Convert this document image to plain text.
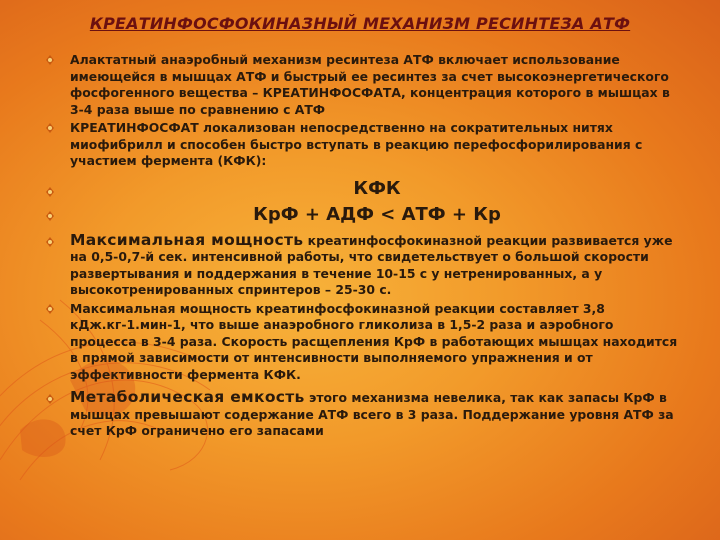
КРЕАТИНФОСФОКИНАЗНЫЙ МЕХАНИЗМ РЕСИНТЕЗА АТФ

Алактатный анаэробный механизм ресинтеза АТФ включает использование имеющейся в мышцах АТФ и быстрый ее ресинтез за счет высокоэнергетического фосфогенного вещества – КРЕАТИНФОСФАТА, концентрация которого в мышцах в 3-4 раза выше по сравнению с АТФ

КРЕАТИНФОСФАТ локализован непосредственно на сократительных нитях миофибрилл и способен быстро вступать в реакцию перефосфорилирования с участием фермента (КФК):

КФК
КрФ + АДФ < АТФ + Кр

Максимальная мощность креатинфосфокиназной реакции развивается уже на 0,5-0,7-й сек. интенсивной работы, что свидетельствует о большой скорости развертывания и поддержания в течение 10-15 с у нетренированных, а у высокотренированных спринтеров – 25-30 с.

Максимальная мощность креатинфосфокиназной реакции составляет 3,8 кДж.кг-1.мин-1, что выше анаэробного гликолиза в 1,5-2 раза и аэробного процесса в 3-4 раза. Скорость расщепления КрФ в работающих мышцах находится в прямой зависимости от интенсивности выполняемого упражнения и от эффективности фермента КФК.

Метаболическая емкость этого механизма невелика, так как запасы КрФ в мышцах превышают содержание АТФ всего в 3 раза. Поддержание уровня АТФ за счет КрФ ограничено его запасами
